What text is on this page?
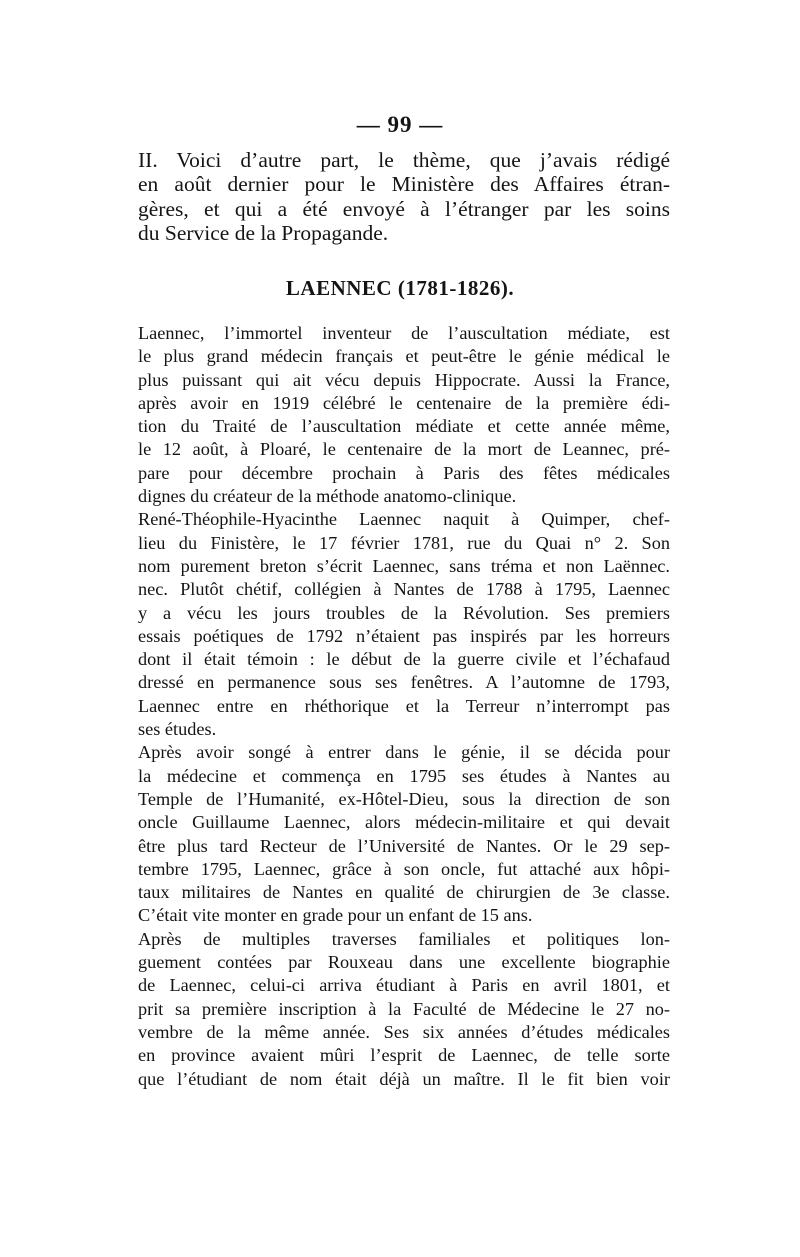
— 99 —
II. Voici d’autre part, le thème, que j’avais rédigé
en août dernier pour le Ministère des Affaires étran-
gères, et qui a été envoyé à l’étranger par les soins
du Service de la Propagande.
LAENNEC (1781-1826).
Laennec, l’immortel inventeur de l’auscultation médiate, est
le plus grand médecin français et peut-être le génie médical le
plus puissant qui ait vécu depuis Hippocrate. Aussi la France,
après avoir en 1919 célébré le centenaire de la première édi-
tion du Traité de l’auscultation médiate et cette année même,
le 12 août, à Ploaré, le centenaire de la mort de Leannec, pré-
pare pour décembre prochain à Paris des fêtes médicales
dignes du créateur de la méthode anatomo-clinique.
René-Théophile-Hyacinthe Laennec naquit à Quimper, chef-
lieu du Finistère, le 17 février 1781, rue du Quai n° 2. Son
nom purement breton s’écrit Laennec, sans tréma et non Laënnec.
nec. Plutôt chétif, collégien à Nantes de 1788 à 1795, Laennec
y a vécu les jours troubles de la Révolution. Ses premiers
essais poétiques de 1792 n’étaient pas inspirés par les horreurs
dont il était témoin : le début de la guerre civile et l’échafaud
dressé en permanence sous ses fenêtres. A l’automne de 1793,
Laennec entre en rhéthorique et la Terreur n’interrompt pas
ses études.
Après avoir songé à entrer dans le génie, il se décida pour
la médecine et commença en 1795 ses études à Nantes au
Temple de l’Humanité, ex-Hôtel-Dieu, sous la direction de son
oncle Guillaume Laennec, alors médecin-militaire et qui devait
être plus tard Recteur de l’Université de Nantes. Or le 29 sep-
tembre 1795, Laennec, grâce à son oncle, fut attaché aux hôpi-
taux militaires de Nantes en qualité de chirurgien de 3e classe.
C’était vite monter en grade pour un enfant de 15 ans.
Après de multiples traverses familiales et politiques lon-
guement contées par Rouxeau dans une excellente biographie
de Laennec, celui-ci arriva étudiant à Paris en avril 1801, et
prit sa première inscription à la Faculté de Médecine le 27 no-
vembre de la même année. Ses six années d’études médicales
en province avaient mûri l’esprit de Laennec, de telle sorte
que l’étudiant de nom était déjà un maître. Il le fit bien voir
